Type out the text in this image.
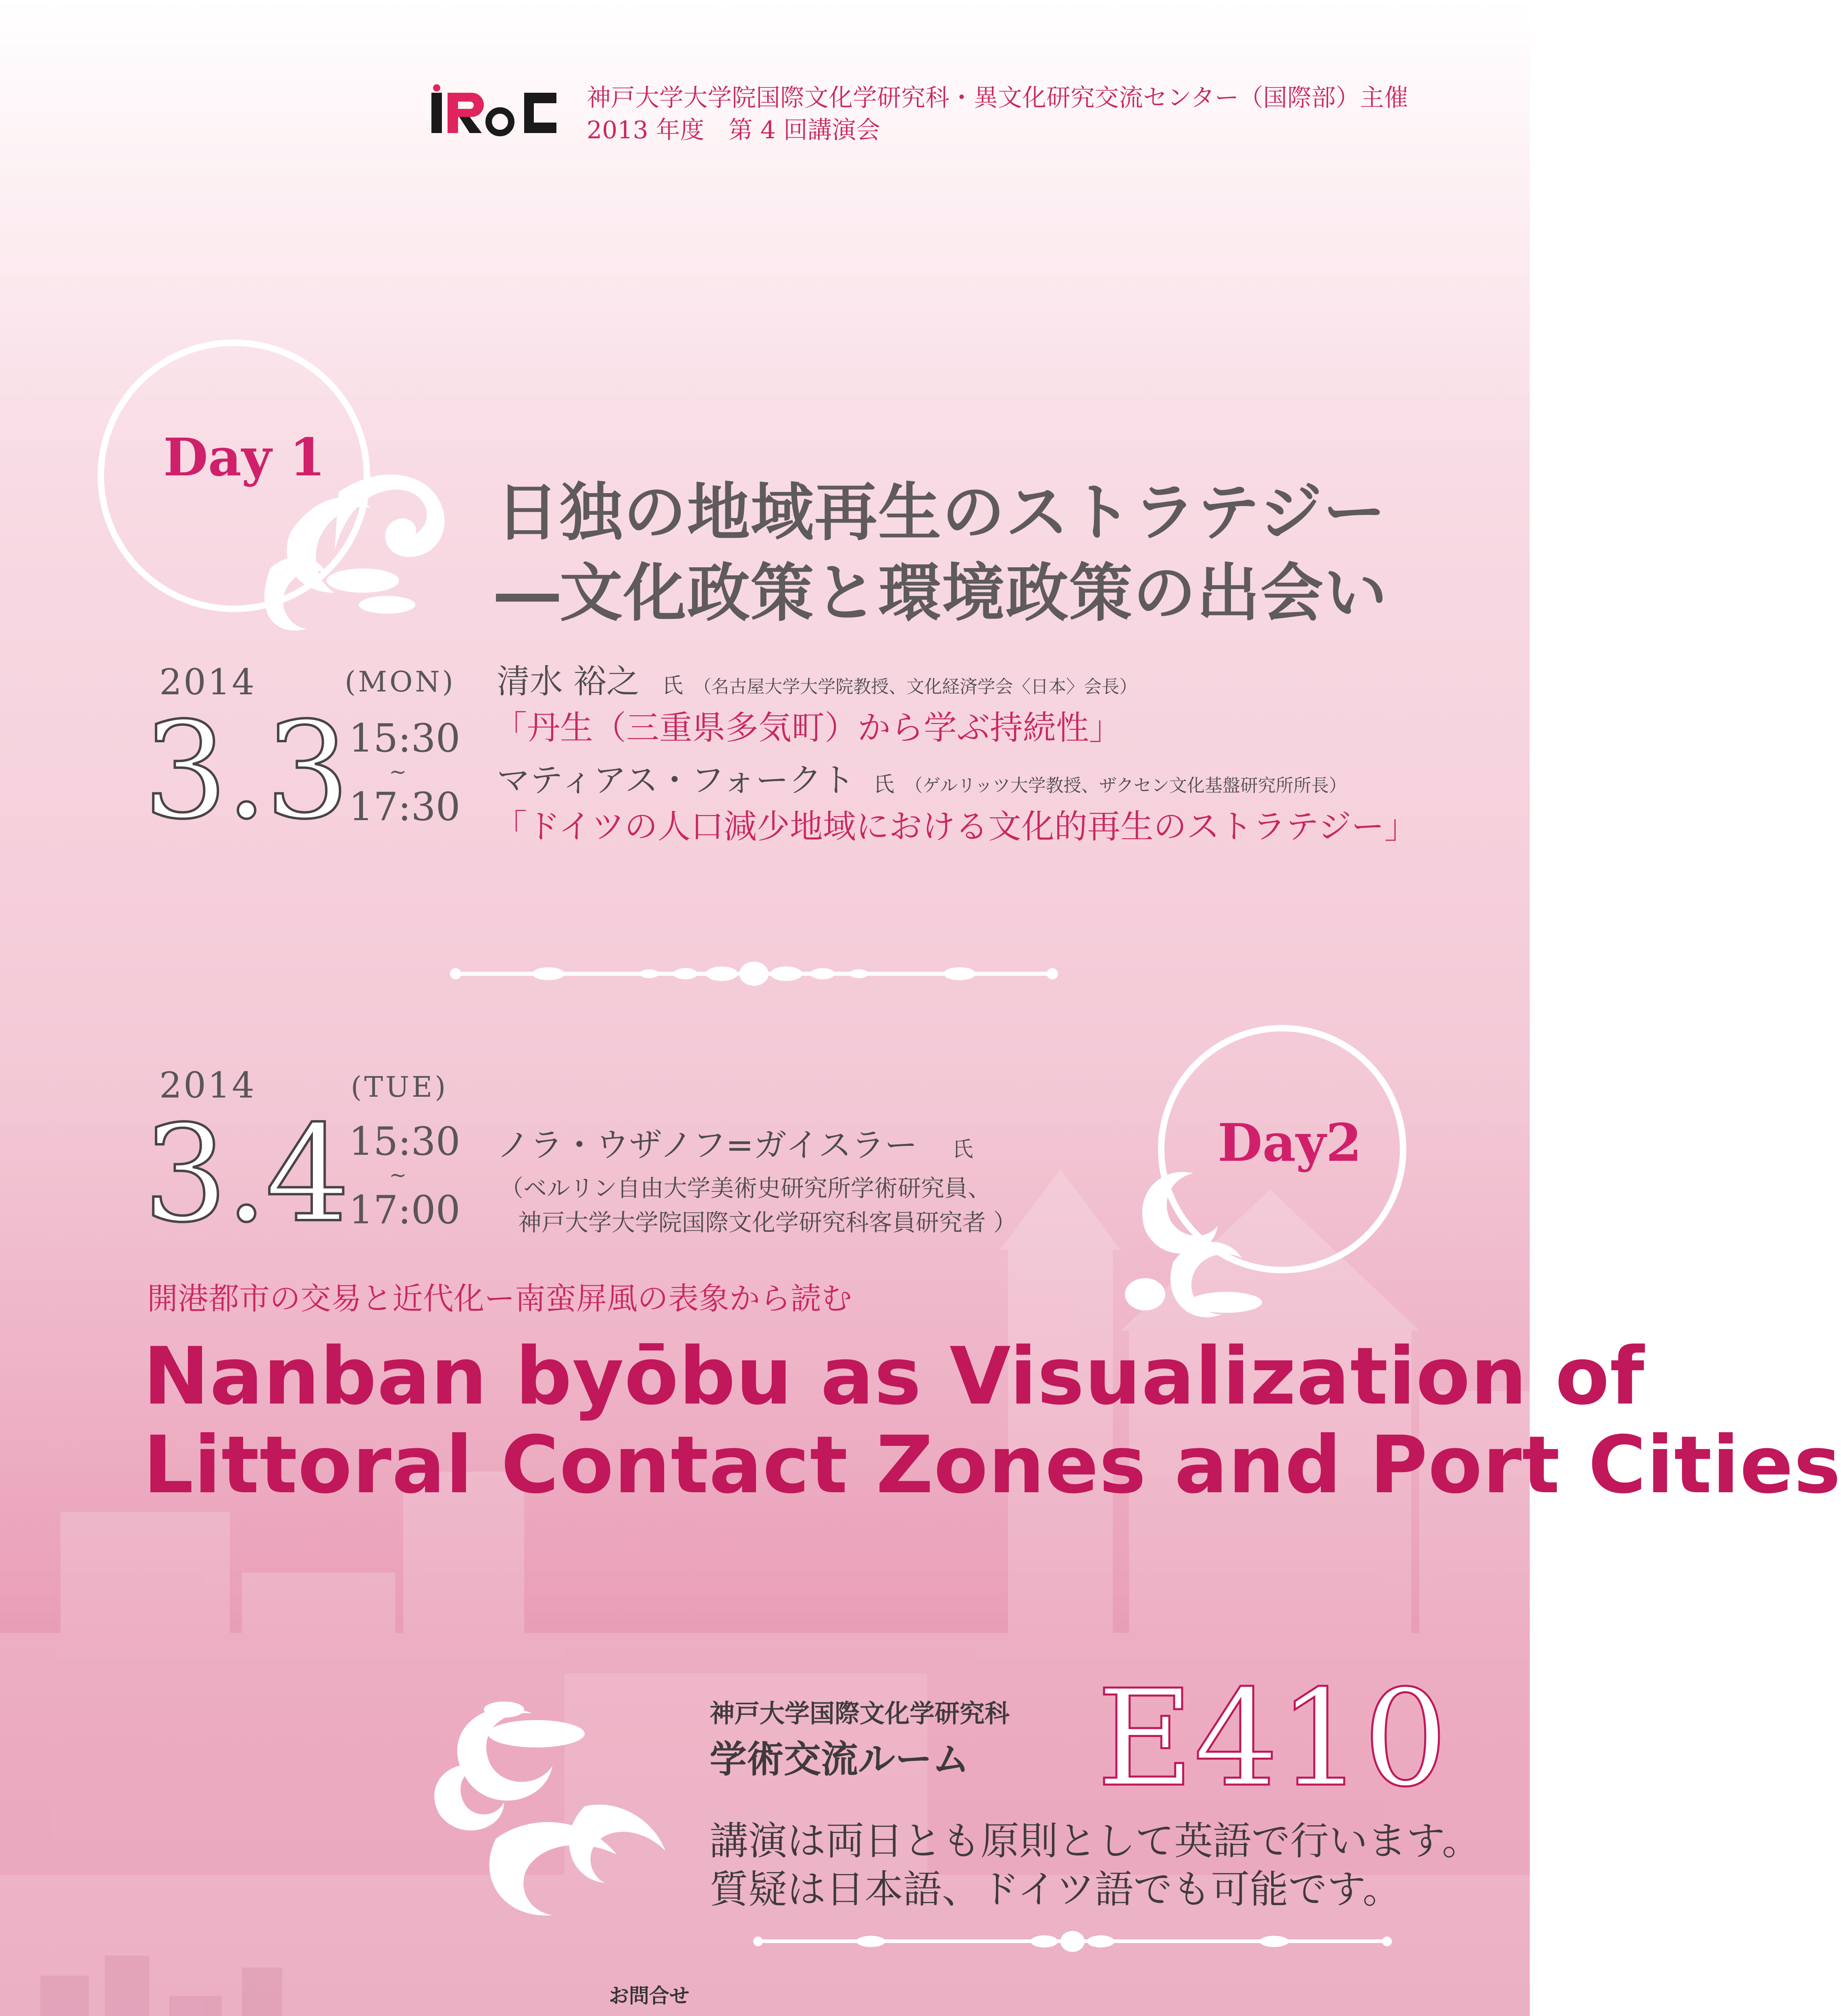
神戸大学大学院国際文化学研究科・異文化研究交流センター（国際部）主催
2013 年度　第 4 回講演会
Day 1
日独の地域再生のストラテジー
―文化政策と環境政策の出会い
2014	(MON)
3.3 15:30
~
17:30
清水 裕之 氏 （名古屋大学大学院教授、文化経済学会〈日本〉会長）
「丹生（三重県多気町）から学ぶ持続性」
マティアス・フォークト 氏 （ゲルリッツ大学教授、ザクセン文化基盤研究所所長）
「ドイツの人口減少地域における文化的再生のストラテジー」
Day2
2014	(TUE)
3.4 15:30
~
17:00
ノラ・ウザノフ=ガイスラー 氏
（ベルリン自由大学美術史研究所学術研究員、
神戸大学大学院国際文化学研究科客員研究者 ）
開港都市の交易と近代化ー南蛮屏風の表象から読む
Nanban byōbu as Visualization of
Littoral Contact Zones and Port Cities
神戸大学国際文化学研究科
学術交流ルーム E410
講演は両日とも原則として英語で行います。
質疑は日本語、ドイツ語でも可能です。
お問合せ
